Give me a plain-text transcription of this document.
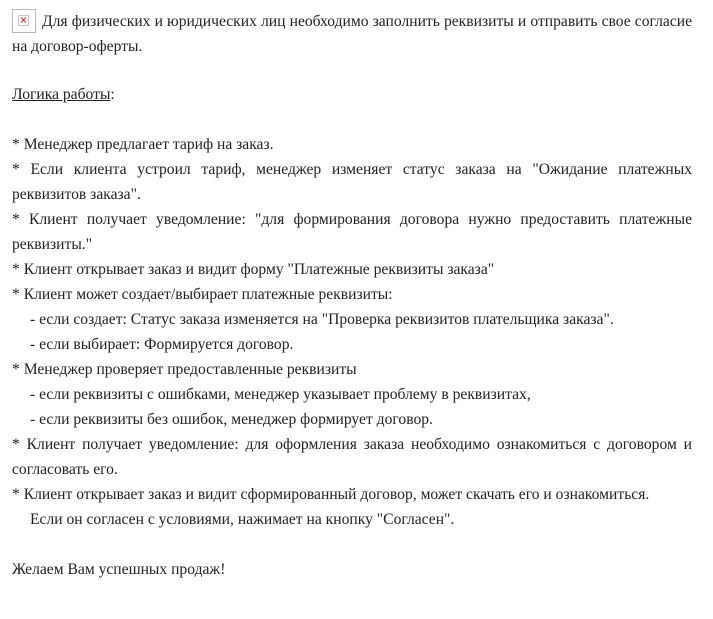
× Для физических и юридических лиц необходимо заполнить реквизиты и отправить свое согласие на договор-оферты.

Логика работы:

* Менеджер предлагает тариф на заказ.

* Если клиента устроил тариф, менеджер изменяет статус заказа на "Ожидание платежных реквизитов заказа".

* Клиент получает уведомление: "для формирования договора нужно предоставить платежные реквизиты."

* Клиент открывает заказ и видит форму "Платежные реквизиты заказа"

* Клиент может создает/выбирает платежные реквизиты:

- если создает: Статус заказа изменяется на "Проверка реквизитов плательщика заказа".

- если выбирает: Формируется договор.

* Менеджер проверяет предоставленные реквизиты

- если реквизиты с ошибками, менеджер указывает проблему в реквизитах,

- если реквизиты без ошибок, менеджер формирует договор.

* Клиент получает уведомление: для оформления заказа необходимо ознакомиться с договором и согласовать его.

* Клиент открывает заказ и видит сформированный договор, может скачать его и ознакомиться.

Если он согласен с условиями, нажимает на кнопку "Согласен".

Желаем Вам успешных продаж!
